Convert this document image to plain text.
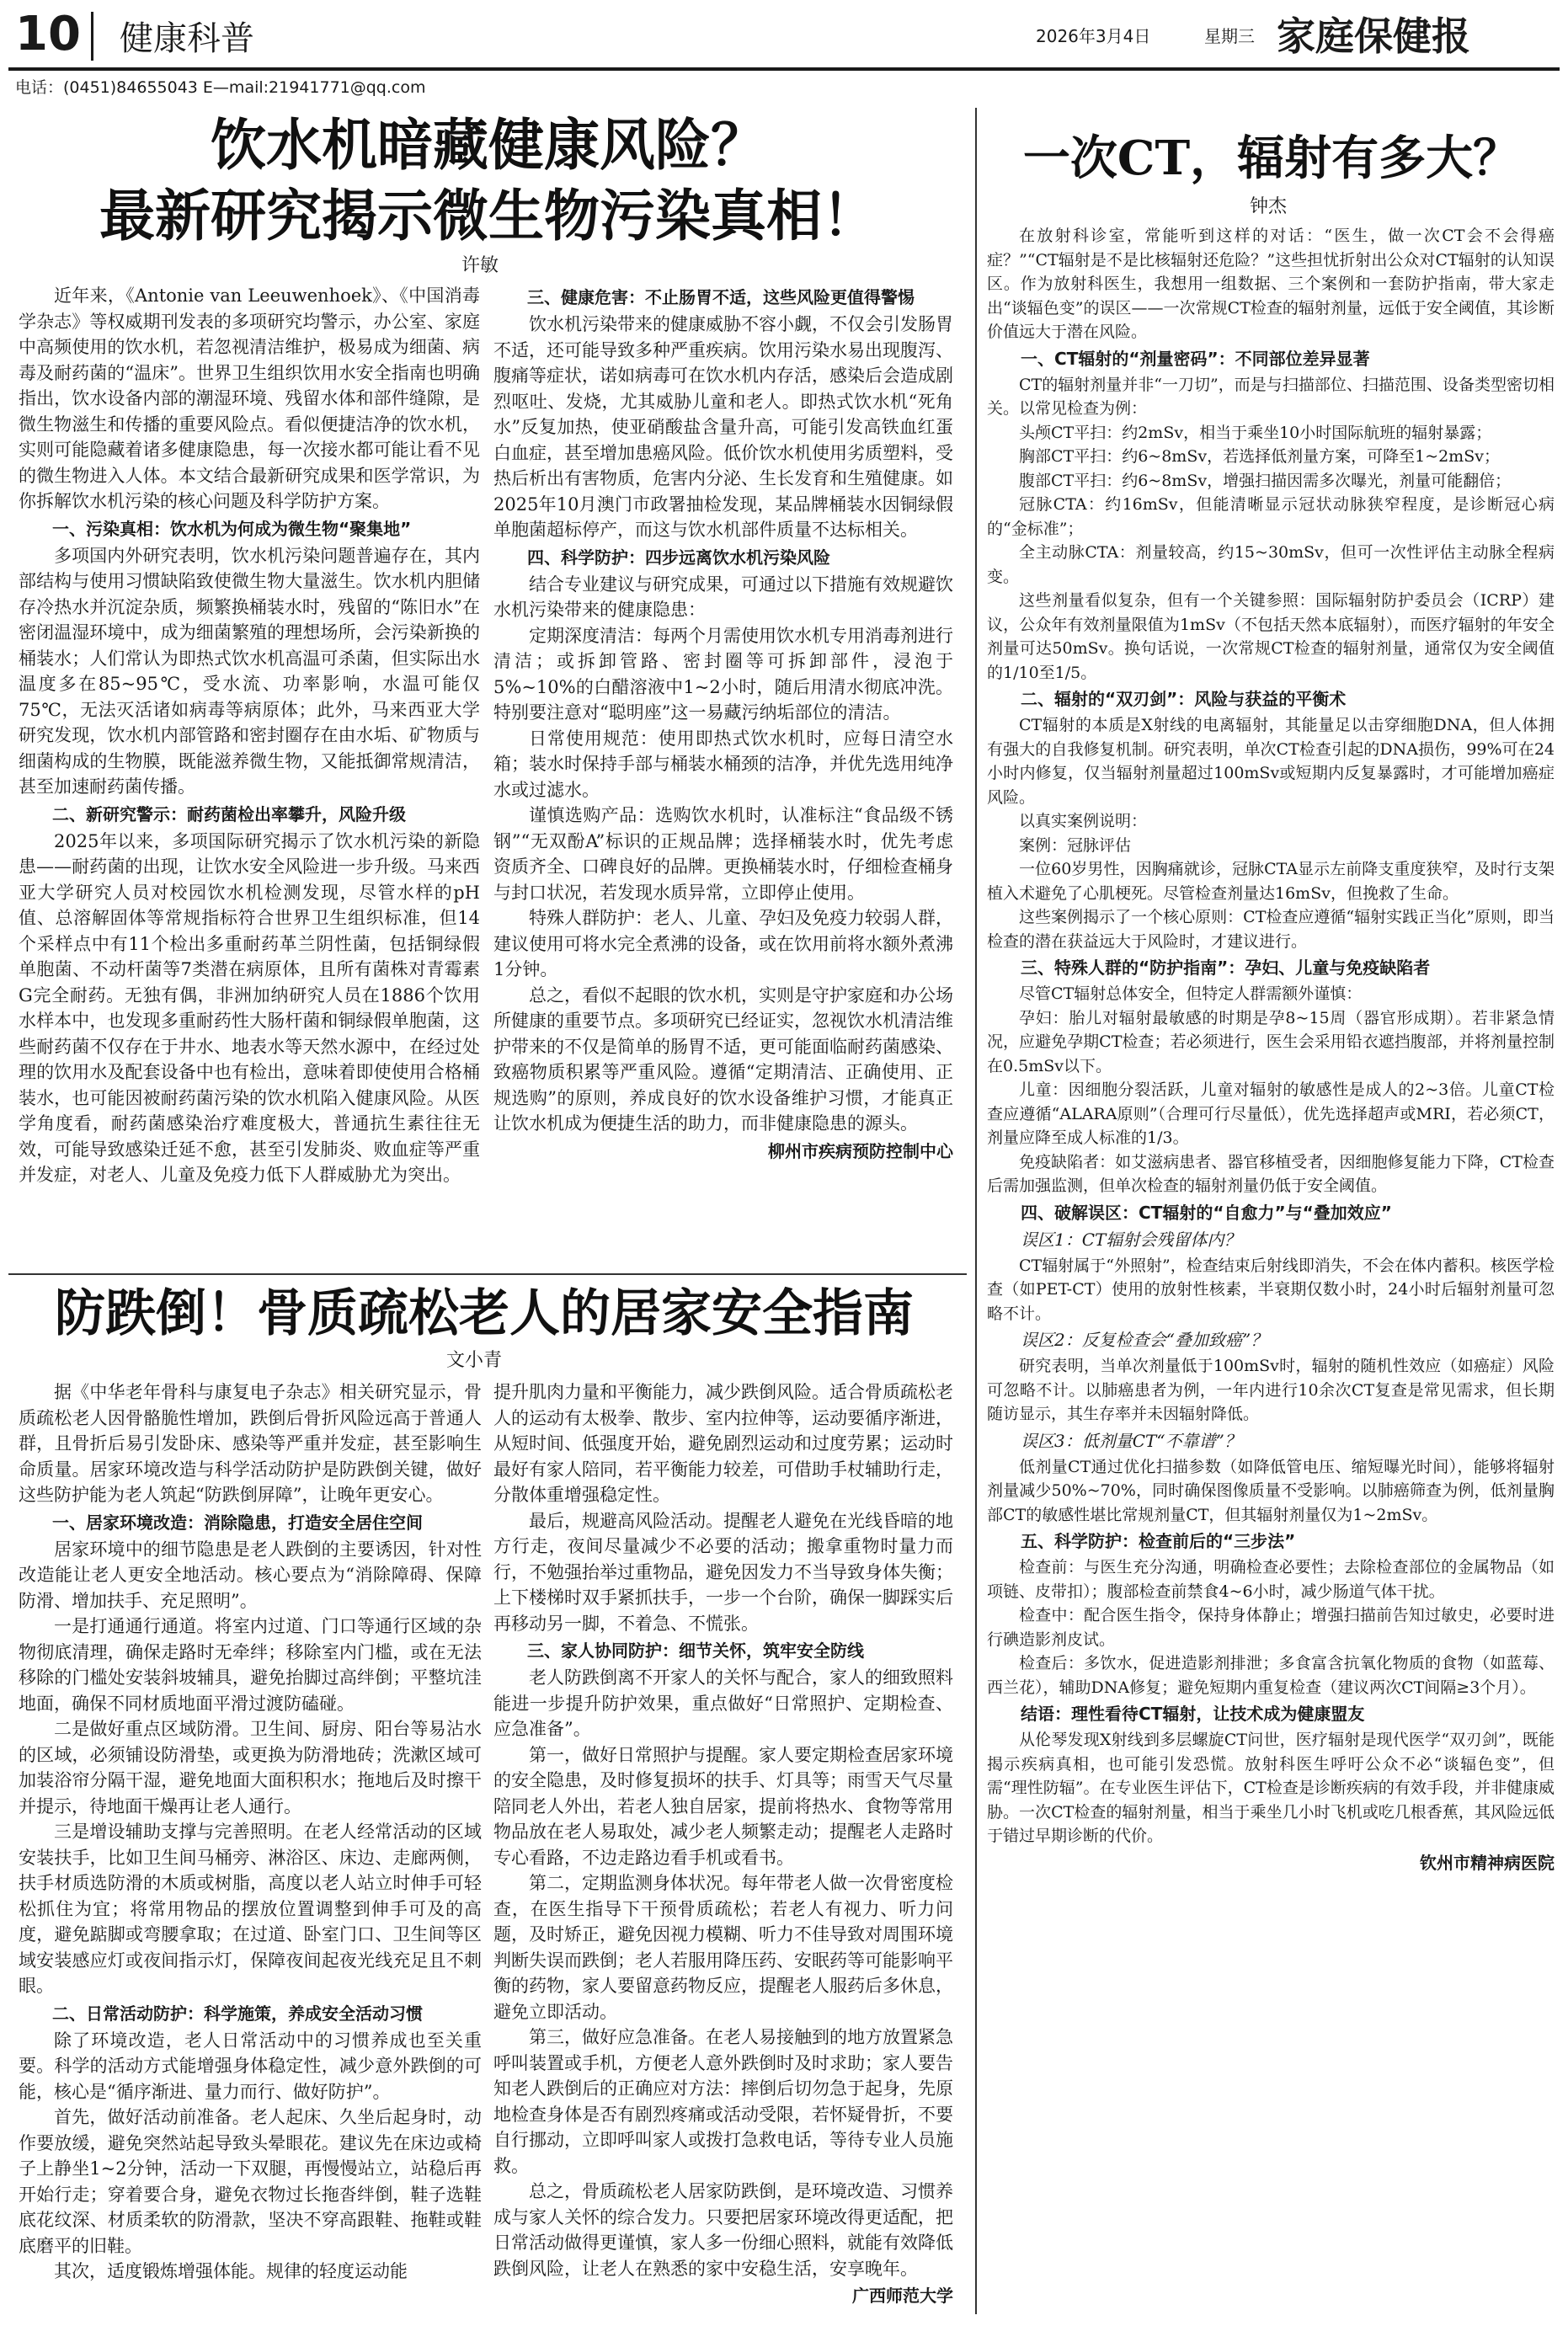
10 健康科普	2026年3月4日	星期三 家庭保健报
电话：(0451)84655043 E—mail:21941771@qq.com
饮水机暗藏健康风险？
最新研究揭示微生物污染真相！
许敏

近年来，《Antonie van Leeuwenhoek》、《中国消毒学杂志》等权威期刊发表的多项研究均警示，办公室、家庭中高频使用的饮水机，若忽视清洁维护，极易成为细菌、病毒及耐药菌的“温床”。世界卫生组织饮用水安全指南也明确指出，饮水设备内部的潮湿环境、残留水体和部件缝隙，是微生物滋生和传播的重要风险点。看似便捷洁净的饮水机，实则可能隐藏着诸多健康隐患，每一次接水都可能让看不见的微生物进入人体。本文结合最新研究成果和医学常识，为你拆解饮水机污染的核心问题及科学防护方案。

一、污染真相：饮水机为何成为微生物“聚集地”

多项国内外研究表明，饮水机污染问题普遍存在，其内部结构与使用习惯缺陷致使微生物大量滋生。饮水机内胆储存冷热水并沉淀杂质，频繁换桶装水时，残留的“陈旧水”在密闭温湿环境中，成为细菌繁殖的理想场所，会污染新换的桶装水；人们常认为即热式饮水机高温可杀菌，但实际出水温度多在85~95℃，受水流、功率影响，水温可能仅75℃，无法灭活诸如病毒等病原体；此外，马来西亚大学研究发现，饮水机内部管路和密封圈存在由水垢、矿物质与细菌构成的生物膜，既能滋养微生物，又能抵御常规清洁，甚至加速耐药菌传播。

二、新研究警示：耐药菌检出率攀升，风险升级

2025年以来，多项国际研究揭示了饮水机污染的新隐患——耐药菌的出现，让饮水安全风险进一步升级。马来西亚大学研究人员对校园饮水机检测发现，尽管水样的pH值、总溶解固体等常规指标符合世界卫生组织标准，但14个采样点中有11个检出多重耐药革兰阴性菌，包括铜绿假单胞菌、不动杆菌等7类潜在病原体，且所有菌株对青霉素G完全耐药。无独有偶，非洲加纳研究人员在1886个饮用水样本中，也发现多重耐药性大肠杆菌和铜绿假单胞菌，这些耐药菌不仅存在于井水、地表水等天然水源中，在经过处理的饮用水及配套设备中也有检出，意味着即使使用合格桶装水，也可能因被耐药菌污染的饮水机陷入健康风险。从医学角度看，耐药菌感染治疗难度极大，普通抗生素往往无效，可能导致感染迁延不愈，甚至引发肺炎、败血症等严重并发症，对老人、儿童及免疫力低下人群威胁尤为突出。

三、健康危害：不止肠胃不适，这些风险更值得警惕

饮水机污染带来的健康威胁不容小觑，不仅会引发肠胃不适，还可能导致多种严重疾病。饮用污染水易出现腹泻、腹痛等症状，诺如病毒可在饮水机内存活，感染后会造成剧烈呕吐、发烧，尤其威胁儿童和老人。即热式饮水机“死角水”反复加热，使亚硝酸盐含量升高，可能引发高铁血红蛋白血症，甚至增加患癌风险。低价饮水机使用劣质塑料，受热后析出有害物质，危害内分泌、生长发育和生殖健康。如2025年10月澳门市政署抽检发现，某品牌桶装水因铜绿假单胞菌超标停产，而这与饮水机部件质量不达标相关。

四、科学防护：四步远离饮水机污染风险

结合专业建议与研究成果，可通过以下措施有效规避饮水机污染带来的健康隐患：

定期深度清洁：每两个月需使用饮水机专用消毒剂进行清洁；或拆卸管路、密封圈等可拆卸部件，浸泡于5%~10%的白醋溶液中1~2小时，随后用清水彻底冲洗。特别要注意对“聪明座”这一易藏污纳垢部位的清洁。

日常使用规范：使用即热式饮水机时，应每日清空水箱；装水时保持手部与桶装水桶颈的洁净，并优先选用纯净水或过滤水。

谨慎选购产品：选购饮水机时，认准标注“食品级不锈钢”“无双酚A”标识的正规品牌；选择桶装水时，优先考虑资质齐全、口碑良好的品牌。更换桶装水时，仔细检查桶身与封口状况，若发现水质异常，立即停止使用。

特殊人群防护：老人、儿童、孕妇及免疫力较弱人群，建议使用可将水完全煮沸的设备，或在饮用前将水额外煮沸1分钟。

总之，看似不起眼的饮水机，实则是守护家庭和办公场所健康的重要节点。多项研究已经证实，忽视饮水机清洁维护带来的不仅是简单的肠胃不适，更可能面临耐药菌感染、致癌物质积累等严重风险。遵循“定期清洁、正确使用、正规选购”的原则，养成良好的饮水设备维护习惯，才能真正让饮水机成为便捷生活的助力，而非健康隐患的源头。

柳州市疾病预防控制中心
防跌倒！骨质疏松老人的居家安全指南
文小青

据《中华老年骨科与康复电子杂志》相关研究显示，骨质疏松老人因骨骼脆性增加，跌倒后骨折风险远高于普通人群，且骨折后易引发卧床、感染等严重并发症，甚至影响生命质量。居家环境改造与科学活动防护是防跌倒关键，做好这些防护能为老人筑起“防跌倒屏障”，让晚年更安心。

一、居家环境改造：消除隐患，打造安全居住空间

居家环境中的细节隐患是老人跌倒的主要诱因，针对性改造能让老人更安全地活动。核心要点为“消除障碍、保障防滑、增加扶手、充足照明”。

一是打通通行通道。将室内过道、门口等通行区域的杂物彻底清理，确保走路时无牵绊；移除室内门槛，或在无法移除的门槛处安装斜坡辅具，避免抬脚过高绊倒；平整坑洼地面，确保不同材质地面平滑过渡防磕碰。

二是做好重点区域防滑。卫生间、厨房、阳台等易沾水的区域，必须铺设防滑垫，或更换为防滑地砖；洗漱区域可加装浴帘分隔干湿，避免地面大面积积水；拖地后及时擦干并提示，待地面干燥再让老人通行。

三是增设辅助支撑与完善照明。在老人经常活动的区域安装扶手，比如卫生间马桶旁、淋浴区、床边、走廊两侧，扶手材质选防滑的木质或树脂，高度以老人站立时伸手可轻松抓住为宜；将常用物品的摆放位置调整到伸手可及的高度，避免踮脚或弯腰拿取；在过道、卧室门口、卫生间等区域安装感应灯或夜间指示灯，保障夜间起夜光线充足且不刺眼。

二、日常活动防护：科学施策，养成安全活动习惯

除了环境改造，老人日常活动中的习惯养成也至关重要。科学的活动方式能增强身体稳定性，减少意外跌倒的可能，核心是“循序渐进、量力而行、做好防护”。

首先，做好活动前准备。老人起床、久坐后起身时，动作要放缓，避免突然站起导致头晕眼花。建议先在床边或椅子上静坐1~2分钟，活动一下双腿，再慢慢站立，站稳后再开始行走；穿着要合身，避免衣物过长拖沓绊倒，鞋子选鞋底花纹深、材质柔软的防滑款，坚决不穿高跟鞋、拖鞋或鞋底磨平的旧鞋。

其次，适度锻炼增强体能。规律的轻度运动能

提升肌肉力量和平衡能力，减少跌倒风险。适合骨质疏松老人的运动有太极拳、散步、室内拉伸等，运动要循序渐进，从短时间、低强度开始，避免剧烈运动和过度劳累；运动时最好有家人陪同，若平衡能力较差，可借助手杖辅助行走，分散体重增强稳定性。

最后，规避高风险活动。提醒老人避免在光线昏暗的地方行走，夜间尽量减少不必要的活动；搬拿重物时量力而行，不勉强抬举过重物品，避免因发力不当导致身体失衡；上下楼梯时双手紧抓扶手，一步一个台阶，确保一脚踩实后再移动另一脚，不着急、不慌张。

三、家人协同防护：细节关怀，筑牢安全防线

老人防跌倒离不开家人的关怀与配合，家人的细致照料能进一步提升防护效果，重点做好“日常照护、定期检查、应急准备”。

第一，做好日常照护与提醒。家人要定期检查居家环境的安全隐患，及时修复损坏的扶手、灯具等；雨雪天气尽量陪同老人外出，若老人独自居家，提前将热水、食物等常用物品放在老人易取处，减少老人频繁走动；提醒老人走路时专心看路，不边走路边看手机或看书。

第二，定期监测身体状况。每年带老人做一次骨密度检查，在医生指导下干预骨质疏松；若老人有视力、听力问题，及时矫正，避免因视力模糊、听力不佳导致对周围环境判断失误而跌倒；老人若服用降压药、安眠药等可能影响平衡的药物，家人要留意药物反应，提醒老人服药后多休息，避免立即活动。

第三，做好应急准备。在老人易接触到的地方放置紧急呼叫装置或手机，方便老人意外跌倒时及时求助；家人要告知老人跌倒后的正确应对方法：摔倒后切勿急于起身，先原地检查身体是否有剧烈疼痛或活动受限，若怀疑骨折，不要自行挪动，立即呼叫家人或拨打急救电话，等待专业人员施救。

总之，骨质疏松老人居家防跌倒，是环境改造、习惯养成与家人关怀的综合发力。只要把居家环境改得更适配，把日常活动做得更谨慎，家人多一份细心照料，就能有效降低跌倒风险，让老人在熟悉的家中安稳生活，安享晚年。

广西师范大学
一次CT，辐射有多大？
钟杰

在放射科诊室，常能听到这样的对话：“医生，做一次CT会不会得癌症？”“CT辐射是不是比核辐射还危险？”这些担忧折射出公众对CT辐射的认知误区。作为放射科医生，我想用一组数据、三个案例和一套防护指南，带大家走出“谈辐色变”的误区——一次常规CT检查的辐射剂量，远低于安全阈值，其诊断价值远大于潜在风险。

一、CT辐射的“剂量密码”：不同部位差异显著

CT的辐射剂量并非“一刀切”，而是与扫描部位、扫描范围、设备类型密切相关。以常见检查为例：

头颅CT平扫：约2mSv，相当于乘坐10小时国际航班的辐射暴露；

胸部CT平扫：约6~8mSv，若选择低剂量方案，可降至1~2mSv；

腹部CT平扫：约6~8mSv，增强扫描因需多次曝光，剂量可能翻倍；

冠脉CTA：约16mSv，但能清晰显示冠状动脉狭窄程度，是诊断冠心病的“金标准”；

全主动脉CTA：剂量较高，约15~30mSv，但可一次性评估主动脉全程病变。

这些剂量看似复杂，但有一个关键参照：国际辐射防护委员会（ICRP）建议，公众年有效剂量限值为1mSv（不包括天然本底辐射），而医疗辐射的年安全剂量可达50mSv。换句话说，一次常规CT检查的辐射剂量，通常仅为安全阈值的1/10至1/5。

二、辐射的“双刃剑”：风险与获益的平衡术

CT辐射的本质是X射线的电离辐射，其能量足以击穿细胞DNA，但人体拥有强大的自我修复机制。研究表明，单次CT检查引起的DNA损伤，99%可在24小时内修复，仅当辐射剂量超过100mSv或短期内反复暴露时，才可能增加癌症风险。

以真实案例说明：

案例：冠脉评估

一位60岁男性，因胸痛就诊，冠脉CTA显示左前降支重度狭窄，及时行支架植入术避免了心肌梗死。尽管检查剂量达16mSv，但挽救了生命。

这些案例揭示了一个核心原则：CT检查应遵循“辐射实践正当化”原则，即当检查的潜在获益远大于风险时，才建议进行。

三、特殊人群的“防护指南”：孕妇、儿童与免疫缺陷者

尽管CT辐射总体安全，但特定人群需额外谨慎：

孕妇：胎儿对辐射最敏感的时期是孕8~15周（器官形成期）。若非紧急情况，应避免孕期CT检查；若必须进行，医生会采用铅衣遮挡腹部，并将剂量控制在0.5mSv以下。

儿童：因细胞分裂活跃，儿童对辐射的敏感性是成人的2~3倍。儿童CT检查应遵循“ALARA原则”（合理可行尽量低），优先选择超声或MRI，若必须CT，剂量应降至成人标准的1/3。

免疫缺陷者：如艾滋病患者、器官移植受者，因细胞修复能力下降，CT检查后需加强监测，但单次检查的辐射剂量仍低于安全阈值。

四、破解误区：CT辐射的“自愈力”与“叠加效应”
误区1：CT辐射会残留体内？

CT辐射属于“外照射”，检查结束后射线即消失，不会在体内蓄积。核医学检查（如PET-CT）使用的放射性核素，半衰期仅数小时，24小时后辐射剂量可忽略不计。

误区2：反复检查会“叠加致癌”？

研究表明，当单次剂量低于100mSv时，辐射的随机性效应（如癌症）风险可忽略不计。以肺癌患者为例，一年内进行10余次CT复查是常见需求，但长期随访显示，其生存率并未因辐射降低。

误区3：低剂量CT“不靠谱”？

低剂量CT通过优化扫描参数（如降低管电压、缩短曝光时间），能够将辐射剂量减少50%~70%，同时确保图像质量不受影响。以肺癌筛查为例，低剂量胸部CT的敏感性堪比常规剂量CT，但其辐射剂量仅为1~2mSv。

五、科学防护：检查前后的“三步法”

检查前：与医生充分沟通，明确检查必要性；去除检查部位的金属物品（如项链、皮带扣）；腹部检查前禁食4~6小时，减少肠道气体干扰。

检查中：配合医生指令，保持身体静止；增强扫描前告知过敏史，必要时进行碘造影剂皮试。

检查后：多饮水，促进造影剂排泄；多食富含抗氧化物质的食物（如蓝莓、西兰花），辅助DNA修复；避免短期内重复检查（建议两次CT间隔≥3个月）。

结语：理性看待CT辐射，让技术成为健康盟友

从伦琴发现X射线到多层螺旋CT问世，医疗辐射是现代医学“双刃剑”，既能揭示疾病真相，也可能引发恐慌。放射科医生呼吁公众不必“谈辐色变”，但需“理性防辐”。在专业医生评估下，CT检查是诊断疾病的有效手段，并非健康威胁。一次CT检查的辐射剂量，相当于乘坐几小时飞机或吃几根香蕉，其风险远低于错过早期诊断的代价。

钦州市精神病医院
